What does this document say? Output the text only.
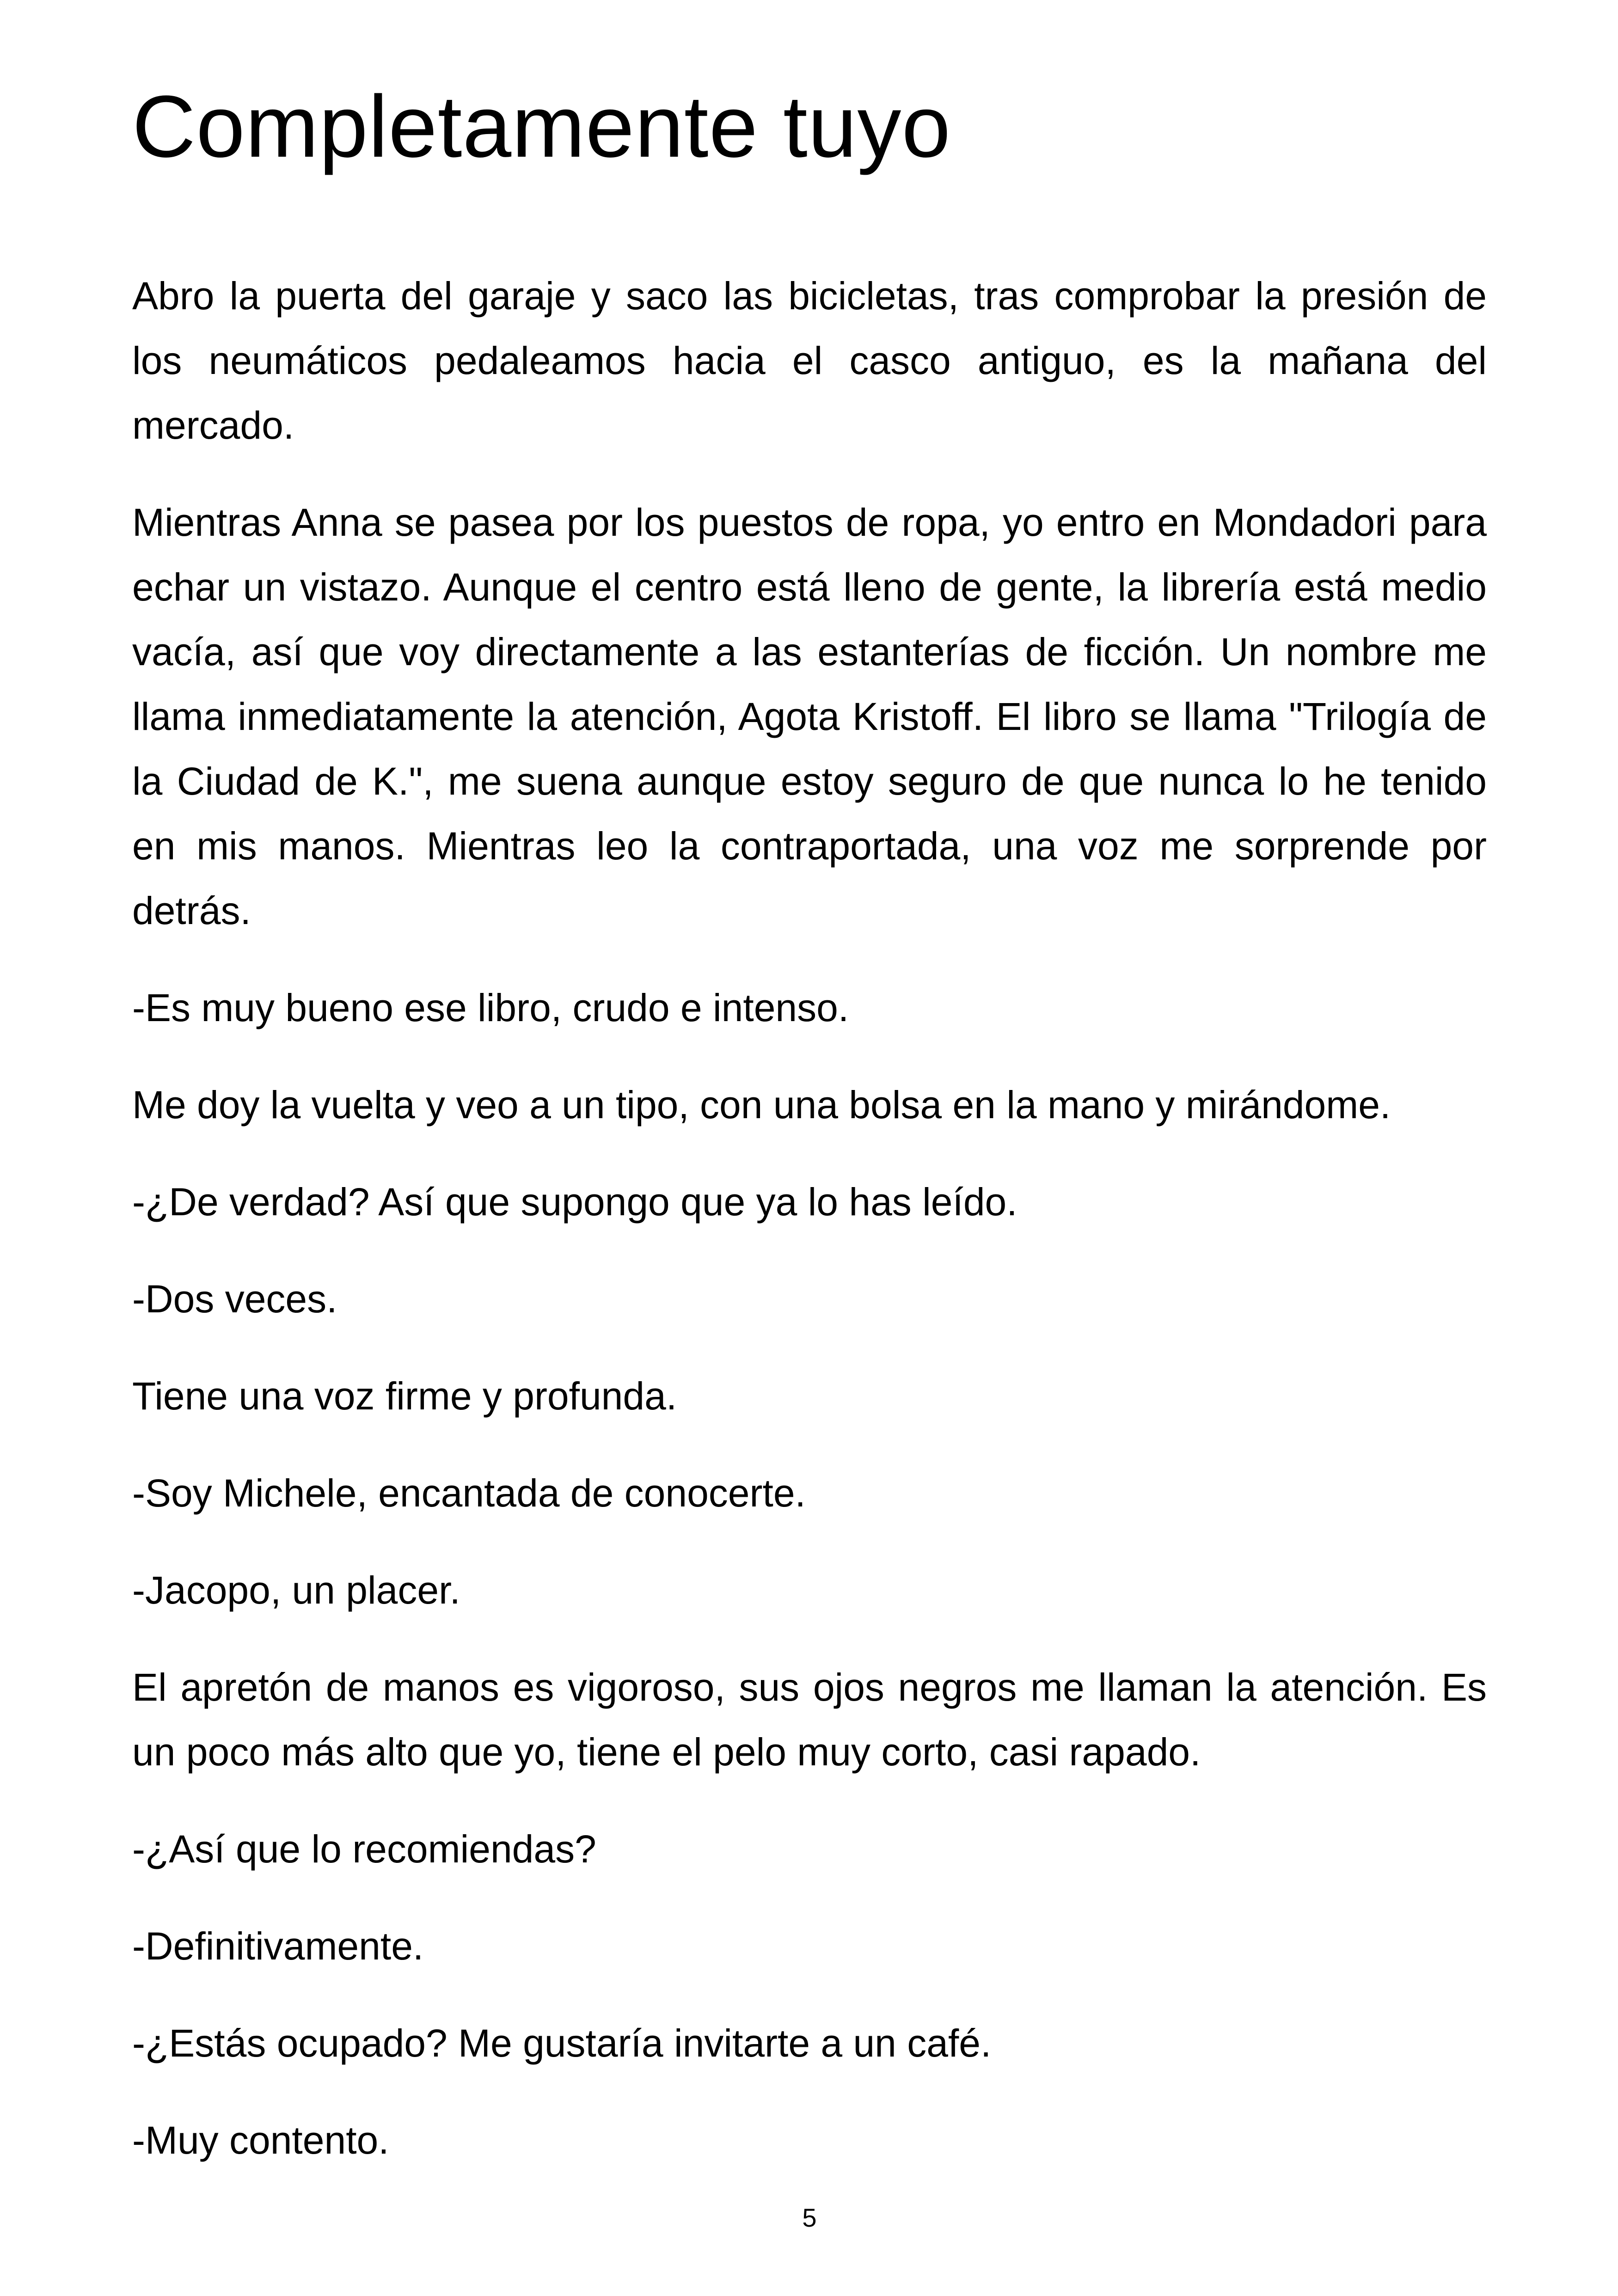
Completamente tuyo

Abro la puerta del garaje y saco las bicicletas, tras comprobar la presión de los neumáticos pedaleamos hacia el casco antiguo, es la mañana del mercado.

Mientras Anna se pasea por los puestos de ropa, yo entro en Mondadori para echar un vistazo. Aunque el centro está lleno de gente, la librería está medio vacía, así que voy directamente a las estanterías de ficción. Un nombre me llama inmediatamente la atención, Agota Kristoff. El libro se llama "Trilogía de la Ciudad de K.", me suena aunque estoy seguro de que nunca lo he tenido en mis manos. Mientras leo la contraportada, una voz me sorprende por detrás.

-Es muy bueno ese libro, crudo e intenso.

Me doy la vuelta y veo a un tipo, con una bolsa en la mano y mirándome.

-¿De verdad? Así que supongo que ya lo has leído.

-Dos veces.

Tiene una voz firme y profunda.

-Soy Michele, encantada de conocerte.

-Jacopo, un placer.

El apretón de manos es vigoroso, sus ojos negros me llaman la atención. Es un poco más alto que yo, tiene el pelo muy corto, casi rapado.

-¿Así que lo recomiendas?

-Definitivamente.

-¿Estás ocupado? Me gustaría invitarte a un café.

-Muy contento.

5
